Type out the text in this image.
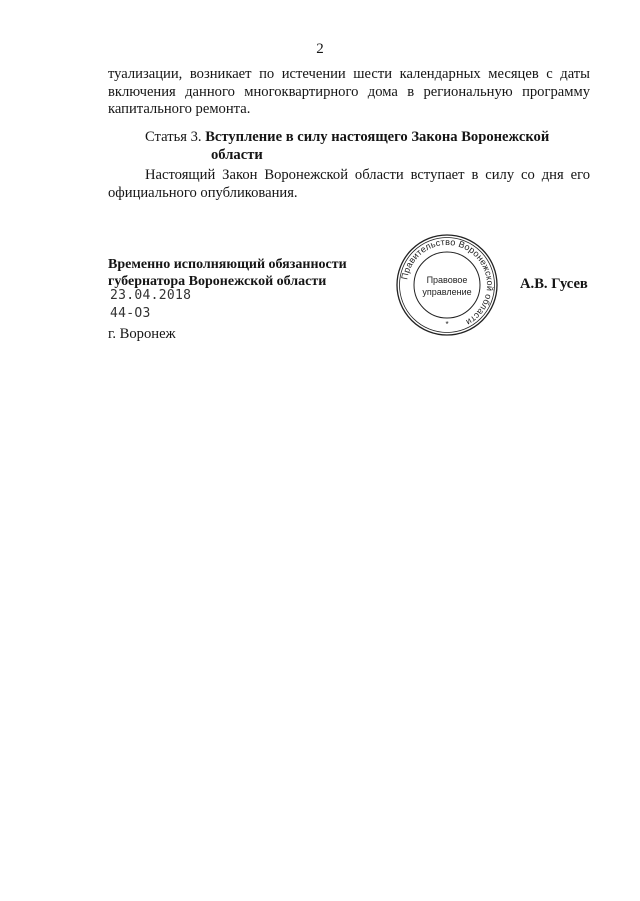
2
туализации, возникает по истечении шести календарных месяцев с даты включения данного многоквартирного дома в региональную программу капитального ремонта.
Статья 3. Вступление в силу настоящего Закона Воронежской
области
Настоящий Закон Воронежской области вступает в силу со дня его официального опубликования.
Временно исполняющий обязанности
губернатора Воронежской области
23.04.2018
44-ОЗ
г. Воронеж
Правительство Воронежской области
Правовое
управление
*
А.В. Гусев
